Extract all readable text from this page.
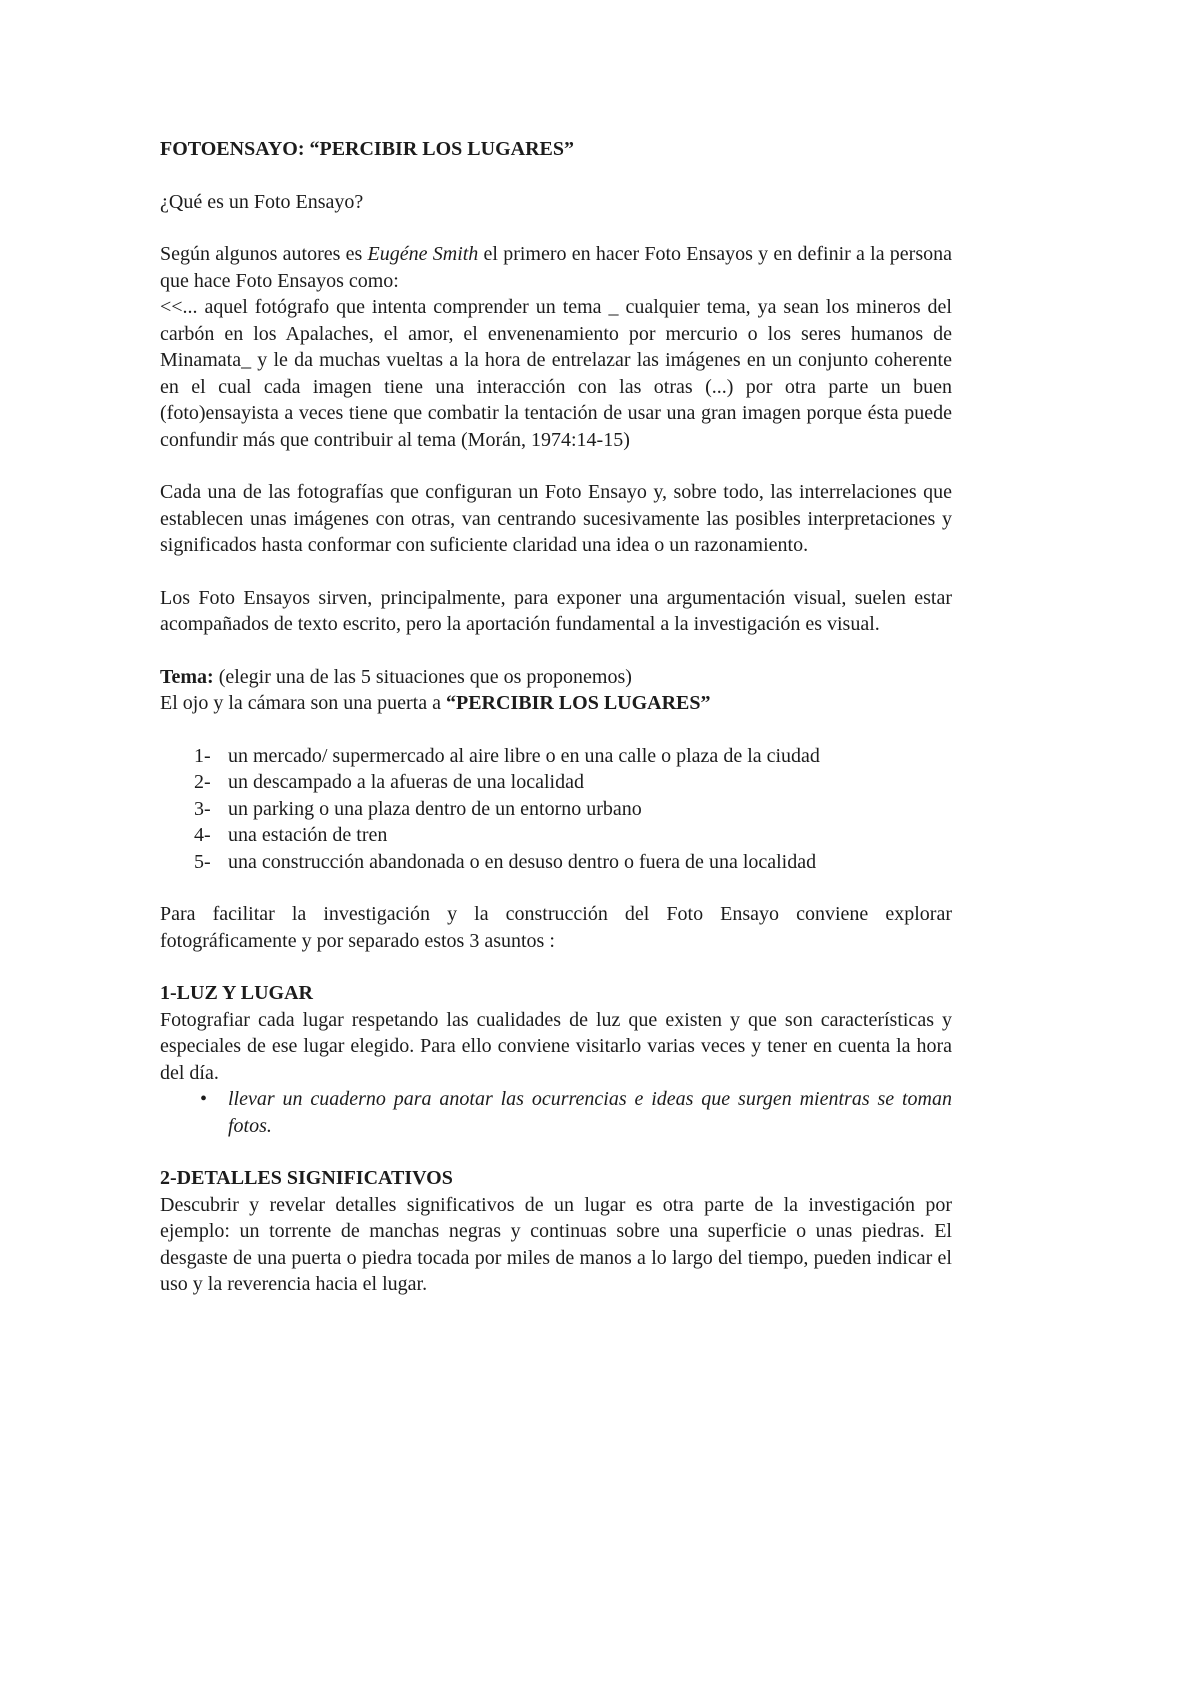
FOTOENSAYO: “PERCIBIR LOS LUGARES”

¿Qué es un Foto Ensayo?

Según algunos autores es Eugéne Smith el primero en hacer Foto Ensayos y en definir a la persona que hace Foto Ensayos como:
<<... aquel fotógrafo que intenta comprender un tema _ cualquier tema, ya sean los mineros del carbón en los Apalaches, el amor, el envenenamiento por mercurio o los seres humanos de Minamata_ y le da muchas vueltas a la hora de entrelazar las imágenes en un conjunto coherente en el cual cada imagen tiene una interacción con las otras (...) por otra parte un buen (foto)ensayista a veces tiene que combatir la tentación de usar una gran imagen porque ésta puede confundir más que contribuir al tema (Morán, 1974:14-15)

Cada una de las fotografías que configuran un Foto Ensayo y, sobre todo, las interrelaciones que establecen unas imágenes con otras, van centrando sucesivamente las posibles interpretaciones y significados hasta conformar con suficiente claridad una idea o un razonamiento.

Los Foto Ensayos sirven, principalmente, para exponer una argumentación visual, suelen estar acompañados de texto escrito, pero la aportación fundamental a la investigación es visual.

Tema: (elegir una de las 5 situaciones que os proponemos)
El ojo y la cámara son una puerta a “PERCIBIR LOS LUGARES”

1- un mercado/ supermercado al aire libre o en una calle o plaza de la ciudad
2- un descampado a la afueras de una localidad
3- un parking o una plaza dentro de un entorno urbano
4- una estación de tren
5- una construcción abandonada o en desuso dentro o fuera de una localidad

Para facilitar la investigación y la construcción del Foto Ensayo conviene explorar fotográficamente y por separado estos 3 asuntos :

1-LUZ Y LUGAR

Fotografiar cada lugar respetando las cualidades de luz que existen y que son características y especiales de ese lugar elegido. Para ello conviene visitarlo varias veces y tener en cuenta la hora del día.

•	llevar un cuaderno para anotar las ocurrencias e ideas que surgen mientras se toman fotos.
2-DETALLES SIGNIFICATIVOS

Descubrir y revelar detalles significativos de un lugar es otra parte de la investigación por ejemplo: un torrente de manchas negras y continuas sobre una superficie o unas piedras. El desgaste de una puerta o piedra tocada por miles de manos a lo largo del tiempo, pueden indicar el uso y la reverencia hacia el lugar.
